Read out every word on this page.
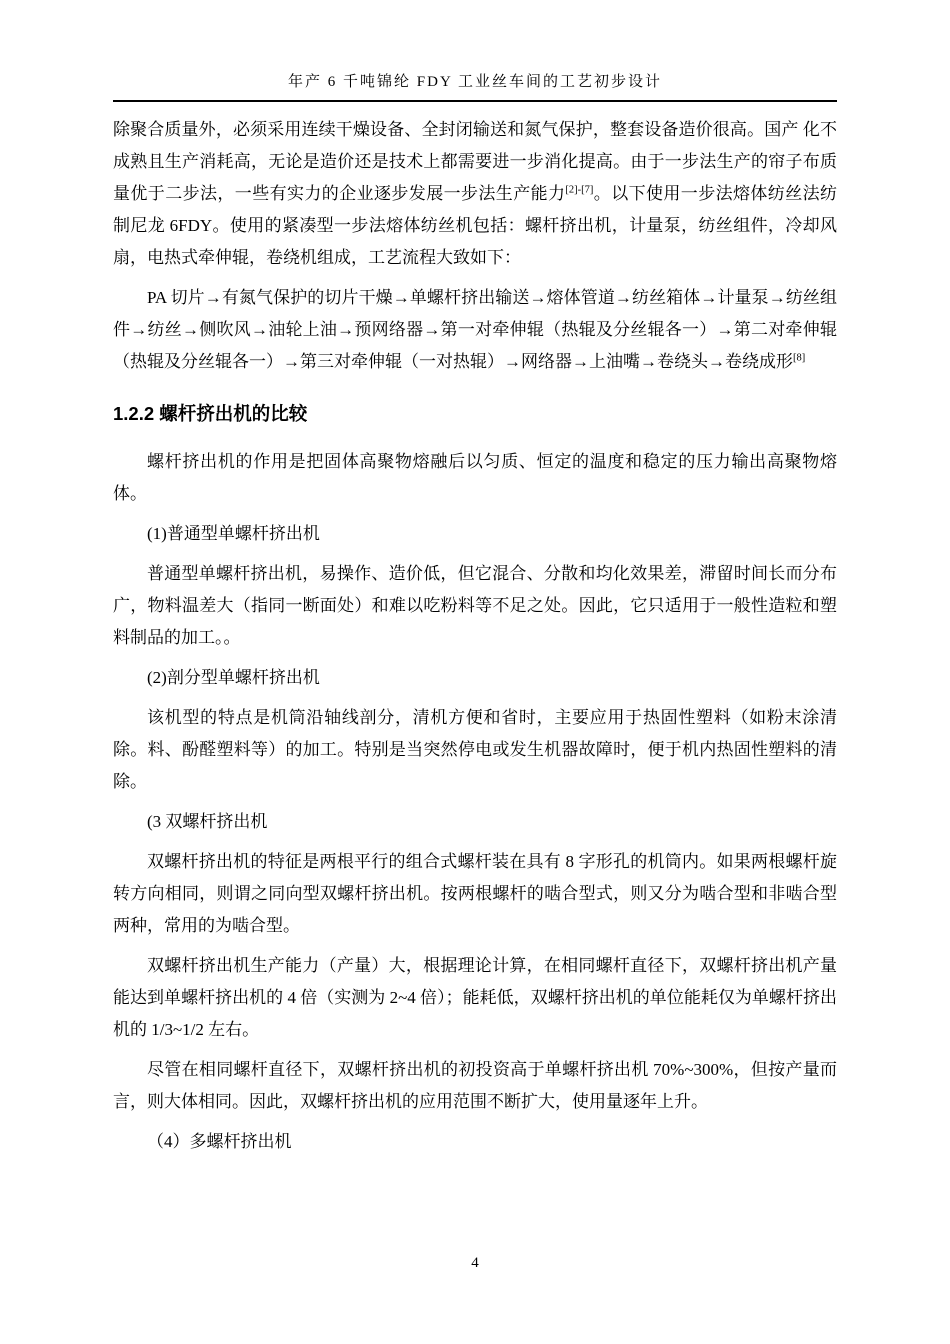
年产 6 千吨锦纶 FDY 工业丝车间的工艺初步设计

除聚合质量外，必须采用连续干燥设备、全封闭输送和氮气保护，整套设备造价很高。国产 化不成熟且生产消耗高，无论是造价还是技术上都需要进一步消化提高。由于一步法生产的帘子布质量优于二步法，一些有实力的企业逐步发展一步法生产能力[2]-[7]。以下使用一步法熔体纺丝法纺制尼龙 6FDY。使用的紧凑型一步法熔体纺丝机包括：螺杆挤出机，计量泵，纺丝组件，冷却风扇，电热式牵伸辊，卷绕机组成，工艺流程大致如下：

PA 切片→有氮气保护的切片干燥→单螺杆挤出输送→熔体管道→纺丝箱体→计量泵→纺丝组件→纺丝→侧吹风→油轮上油→预网络器→第一对牵伸辊（热辊及分丝辊各一）→第二对牵伸辊（热辊及分丝辊各一）→第三对牵伸辊（一对热辊）→网络器→上油嘴→卷绕头→卷绕成形[8]

1.2.2 螺杆挤出机的比较

螺杆挤出机的作用是把固体高聚物熔融后以匀质、恒定的温度和稳定的压力输出高聚物熔体。

(1)普通型单螺杆挤出机

普通型单螺杆挤出机，易操作、造价低，但它混合、分散和均化效果差，滞留时间长而分布广，物料温差大（指同一断面处）和难以吃粉料等不足之处。因此，它只适用于一般性造粒和塑料制品的加工。。

(2)剖分型单螺杆挤出机

该机型的特点是机筒沿轴线剖分，清机方便和省时，主要应用于热固性塑料（如粉末涂清除。料、酚醛塑料等）的加工。特别是当突然停电或发生机器故障时，便于机内热固性塑料的清除。

(3 双螺杆挤出机

双螺杆挤出机的特征是两根平行的组合式螺杆装在具有 8 字形孔的机筒内。如果两根螺杆旋转方向相同，则谓之同向型双螺杆挤出机。按两根螺杆的啮合型式，则又分为啮合型和非啮合型两种，常用的为啮合型。

双螺杆挤出机生产能力（产量）大，根据理论计算，在相同螺杆直径下，双螺杆挤出机产量能达到单螺杆挤出机的 4 倍（实测为 2~4 倍）；能耗低，双螺杆挤出机的单位能耗仅为单螺杆挤出机的 1/3~1/2 左右。

尽管在相同螺杆直径下，双螺杆挤出机的初投资高于单螺杆挤出机 70%~300%，但按产量而言，则大体相同。因此，双螺杆挤出机的应用范围不断扩大，使用量逐年上升。

（4）多螺杆挤出机

4
